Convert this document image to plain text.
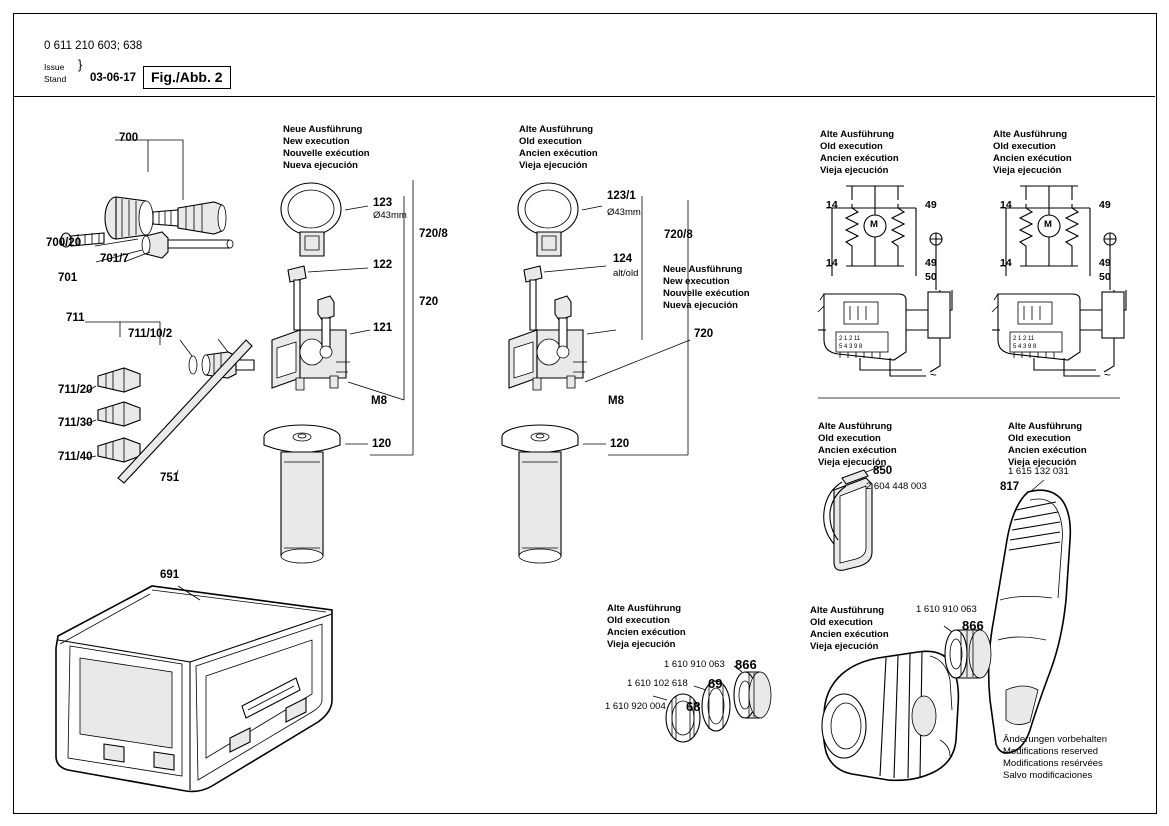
0 611 210 603; 638
Issue
Stand
}
03-06-17	Fig./Abb. 2
Neue Ausführung
New execution
Nouvelle exécution
Nueva ejecución
Alte Ausführung
Old execution
Ancien exécution
Vieja ejecución
Neue Ausführung
New execution
Nouvelle exécution
Nueva ejecución
Alte Ausführung
Old execution
Ancien exécution
Vieja ejecución
Alte Ausführung
Old execution
Ancien exécution
Vieja ejecución
Alte Ausführung
Old execution
Ancien exécution
Vieja ejecución
Alte Ausführung
Old execution
Ancien exécution
Vieja ejecución
Alte Ausführung
Old execution
Ancien exécution
Vieja ejecución
Alte Ausführung
Old execution
Ancien exécution
Vieja ejecución
700
700/20
701
701/7
711
711/10/2
711/20
711/30
711/40
751
123
Ø43mm
122
121
M8
120
720/8
720
123/1
Ø43mm
124
alt/old
720/8
720
M8
120
691
14
14
49
49
50
M
2 1 2 11
5 4 3 9 8
~
14
14
49
49
50
M
2 1 2 11
5 4 3 9 8
~
850
2 604 448 003
1 615 132 031
817
1 610 910 063 866
1 610 102 618 69
1 610 920 004 68
1 610 910 063
866
Änderungen vorbehalten
Modifications reserved
Modifications resérvées
Salvo modificaciones
